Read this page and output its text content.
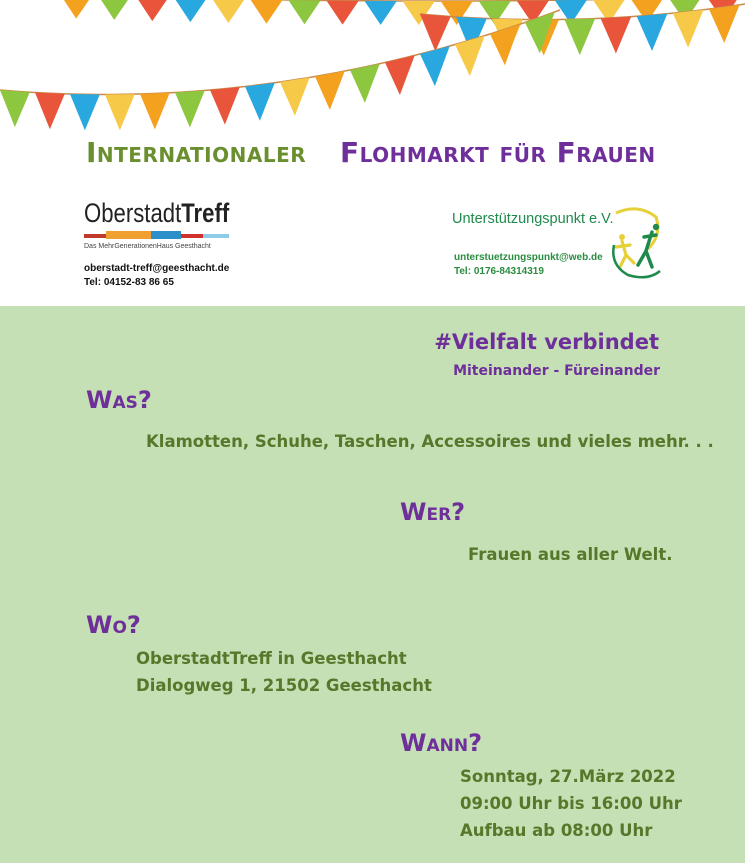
Internationaler Flohmarkt für Frauen
OberstadtTreff
Das MehrGenerationenHaus Geesthacht
oberstadt-treff@geesthacht.de
Tel: 04152-83 86 65
Unterstützungspunkt e.V.
unterstuetzungspunkt@web.de
Tel: 0176-84314319
#Vielfalt verbindet
Miteinander - Füreinander
Was?
Klamotten, Schuhe, Taschen, Accessoires und vieles mehr. . .
Wer?
Frauen aus aller Welt.
Wo?
OberstadtTreff in Geesthacht
Dialogweg 1, 21502 Geesthacht
Wann?
Sonntag, 27.März 2022
09:00 Uhr bis 16:00 Uhr
Aufbau ab 08:00 Uhr
